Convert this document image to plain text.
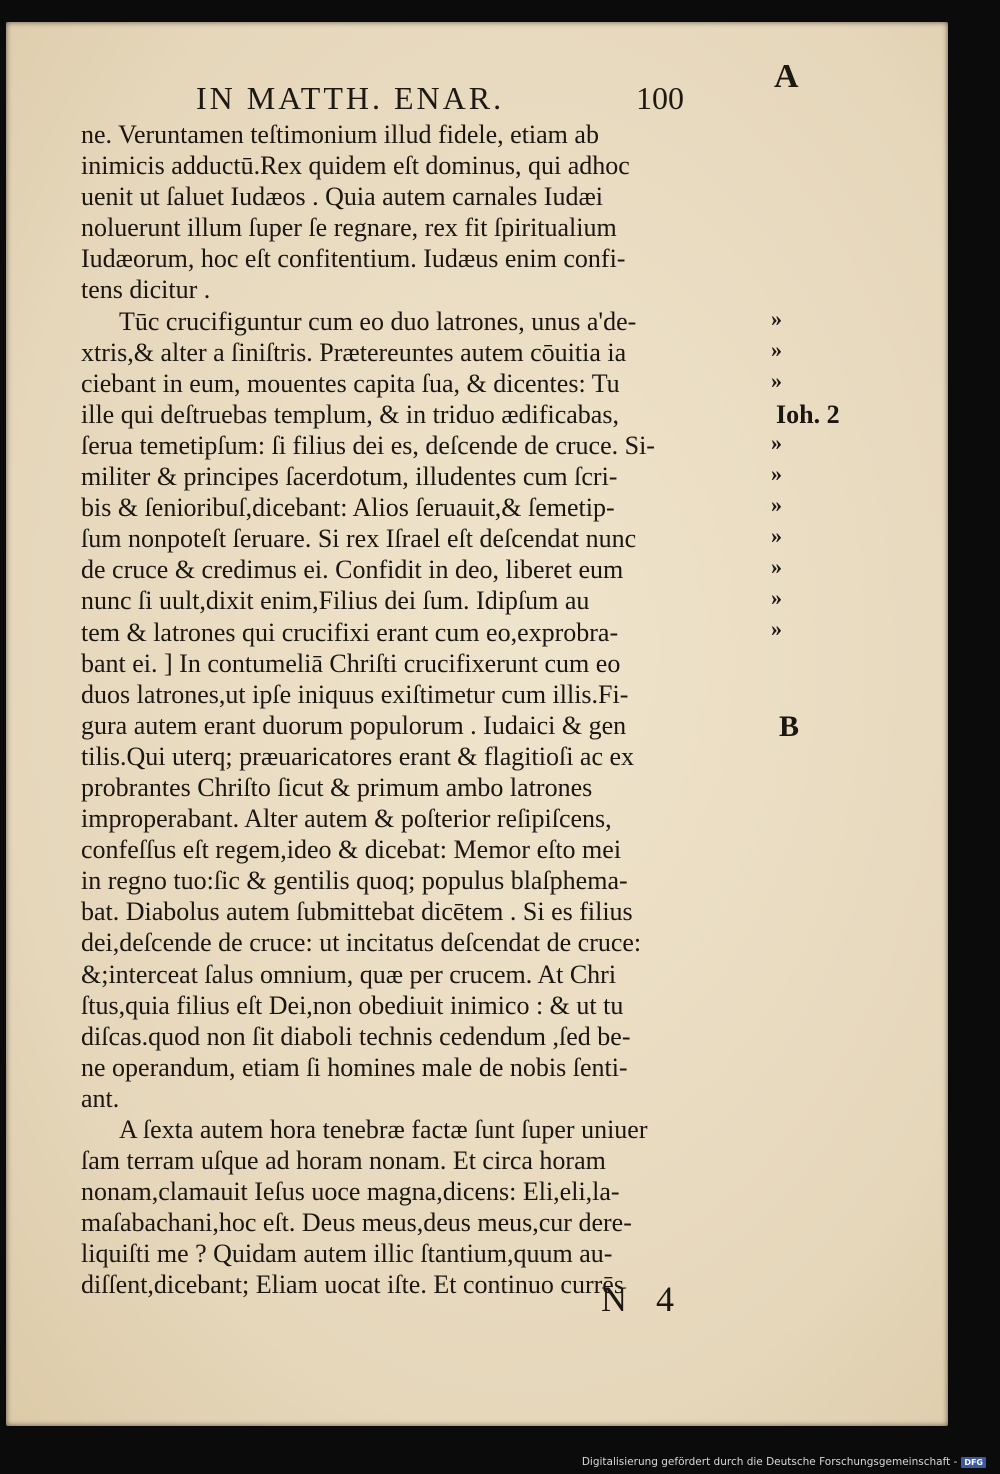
IN MATTH. ENAR.	100
A
ne. Veruntamen teſtimonium illud fidele, etiam ab
inimicis adductū.Rex quidem eſt dominus, qui adhoc
uenit ut ſaluet Iudæos . Quia autem carnales Iudæi
noluerunt illum ſuper ſe regnare, rex fit ſpiritualium
Iudæorum, hoc eſt confitentium. Iudæus enim confi-
tens dicitur .
Tūc crucifiguntur cum eo duo latrones, unus a'de-
xtris,& alter a ſiniſtris. Prætereuntes autem cōuitia ia
ciebant in eum, mouentes capita ſua, & dicentes: Tu
ille qui deſtruebas templum, & in triduo ædificabas,
ſerua temetipſum: ſi filius dei es, deſcende de cruce. Si-
militer & principes ſacerdotum, illudentes cum ſcri-
bis & ſenioribuſ,dicebant: Alios ſeruauit,& ſemetip-
ſum nonpoteſt ſeruare. Si rex Iſrael eſt deſcendat nunc
de cruce & credimus ei. Confidit in deo, liberet eum
nunc ſi uult,dixit enim,Filius dei ſum. Idipſum au
tem & latrones qui crucifixi erant cum eo,exprobra-
bant ei. ] In contumeliā Chriſti crucifixerunt cum eo
duos latrones,ut ipſe iniquus exiſtimetur cum illis.Fi-
gura autem erant duorum populorum . Iudaici & gen
tilis.Qui uterq; præuaricatores erant & flagitioſi ac ex
probrantes Chriſto ſicut & primum ambo latrones
improperabant. Alter autem & poſterior reſipiſcens,
confeſſus eſt regem,ideo & dicebat: Memor eſto mei
in regno tuo:ſic & gentilis quoq; populus blaſphema-
bat. Diabolus autem ſubmittebat dicētem . Si es filius
dei,deſcende de cruce: ut incitatus deſcendat de cruce:
&;interceat ſalus omnium, quæ per crucem. At Chri
ſtus,quia filius eſt Dei,non obediuit inimico : & ut tu
diſcas.quod non ſit diaboli technis cedendum ,ſed be-
ne operandum, etiam ſi homines male de nobis ſenti-
ant.
A ſexta autem hora tenebræ factæ ſunt ſuper uniuer
ſam terram uſque ad horam nonam. Et circa horam
nonam,clamauit Ieſus uoce magna,dicens: Eli,eli,la-
maſabachani,hoc eſt. Deus meus,deus meus,cur dere-
liquiſti me ? Quidam autem illic ſtantium,quum au-
diſſent,dicebant; Eliam uocat iſte. Et continuo currēs
»
»
»
Ioh. 2
»
»
»
»
»
»
»
B
N 4
Digitalisierung gefördert durch die Deutsche Forschungsgemeinschaft - DFG
